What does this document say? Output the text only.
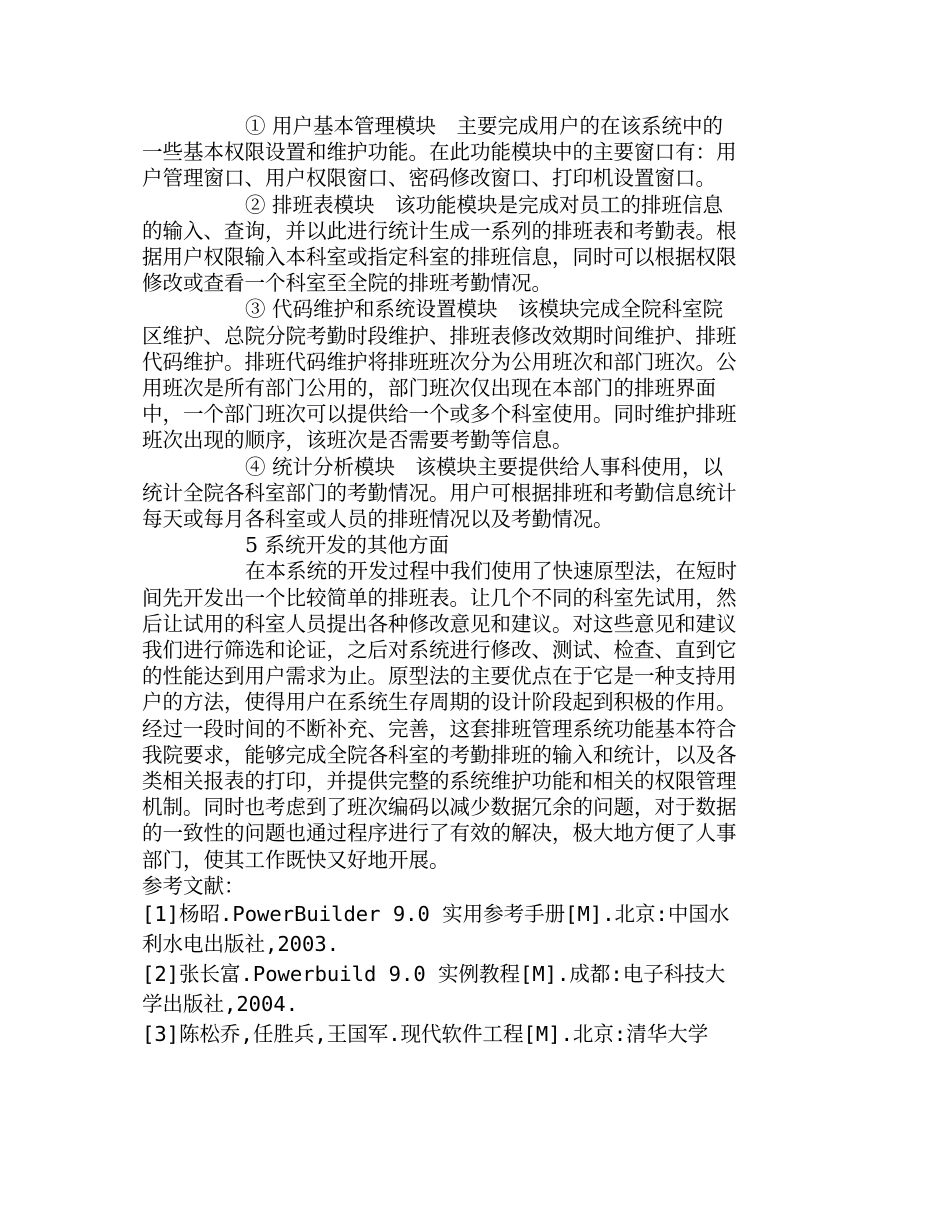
① 用户基本管理模块　主要完成用户的在该系统中的一些基本权限设置和维护功能。在此功能模块中的主要窗口有：用户管理窗口、用户权限窗口、密码修改窗口、打印机设置窗口。

② 排班表模块　该功能模块是完成对员工的排班信息的输入、查询，并以此进行统计生成一系列的排班表和考勤表。根据用户权限输入本科室或指定科室的排班信息，同时可以根据权限修改或查看一个科室至全院的排班考勤情况。

③ 代码维护和系统设置模块　该模块完成全院科室院区维护、总院分院考勤时段维护、排班表修改效期时间维护、排班代码维护。排班代码维护将排班班次分为公用班次和部门班次。公用班次是所有部门公用的，部门班次仅出现在本部门的排班界面中，一个部门班次可以提供给一个或多个科室使用。同时维护排班班次出现的顺序，该班次是否需要考勤等信息。

④ 统计分析模块　该模块主要提供给人事科使用，以统计全院各科室部门的考勤情况。用户可根据排班和考勤信息统计每天或每月各科室或人员的排班情况以及考勤情况。

5 系统开发的其他方面

在本系统的开发过程中我们使用了快速原型法，在短时间先开发出一个比较简单的排班表。让几个不同的科室先试用，然后让试用的科室人员提出各种修改意见和建议。对这些意见和建议我们进行筛选和论证，之后对系统进行修改、测试、检查、直到它的性能达到用户需求为止。原型法的主要优点在于它是一种支持用户的方法，使得用户在系统生存周期的设计阶段起到积极的作用。经过一段时间的不断补充、完善，这套排班管理系统功能基本符合我院要求，能够完成全院各科室的考勤排班的输入和统计，以及各类相关报表的打印，并提供完整的系统维护功能和相关的权限管理机制。同时也考虑到了班次编码以减少数据冗余的问题，对于数据的一致性的问题也通过程序进行了有效的解决，极大地方便了人事部门，使其工作既快又好地开展。

参考文献：

[1]杨昭.PowerBuilder 9.0 实用参考手册[M].北京:中国水利水电出版社,2003.

[2]张长富.Powerbuild 9.0 实例教程[M].成都:电子科技大学出版社,2004.

[3]陈松乔,任胜兵,王国军.现代软件工程[M].北京:清华大学
